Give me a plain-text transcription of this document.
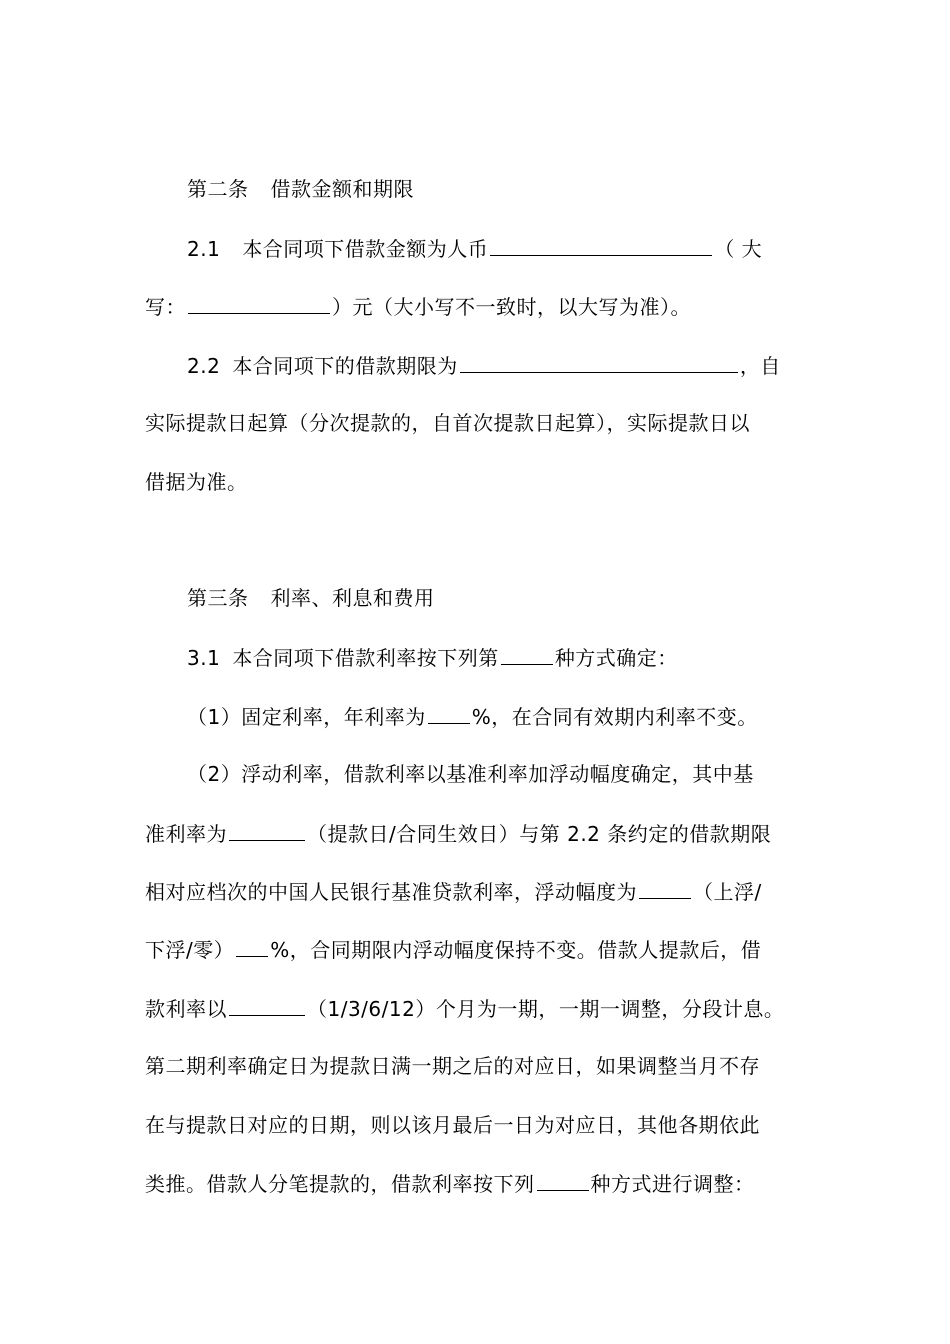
第二条 借款金额和期限
2.1 本合同项下借款金额为人币	（ 大
写：	）元（大小写不一致时，以大写为准）。
2.2 本合同项下的借款期限为	，自
实际提款日起算（分次提款的，自首次提款日起算），实际提款日以
借据为准。
第三条 利率、利息和费用
3.1 本合同项下借款利率按下列第	种方式确定：
（1）固定利率，年利率为 %，在合同有效期内利率不变。
（2）浮动利率，借款利率以基准利率加浮动幅度确定，其中基
准利率为	（提款日/合同生效日）与第 2.2 条约定的借款期限
相对应档次的中国人民银行基准贷款利率，浮动幅度为	（上浮/
下浮/零） %，合同期限内浮动幅度保持不变。借款人提款后，借
款利率以	（1/3/6/12）个月为一期，一期一调整，分段计息。
第二期利率确定日为提款日满一期之后的对应日，如果调整当月不存
在与提款日对应的日期，则以该月最后一日为对应日，其他各期依此
类推。借款人分笔提款的，借款利率按下列	种方式进行调整：
